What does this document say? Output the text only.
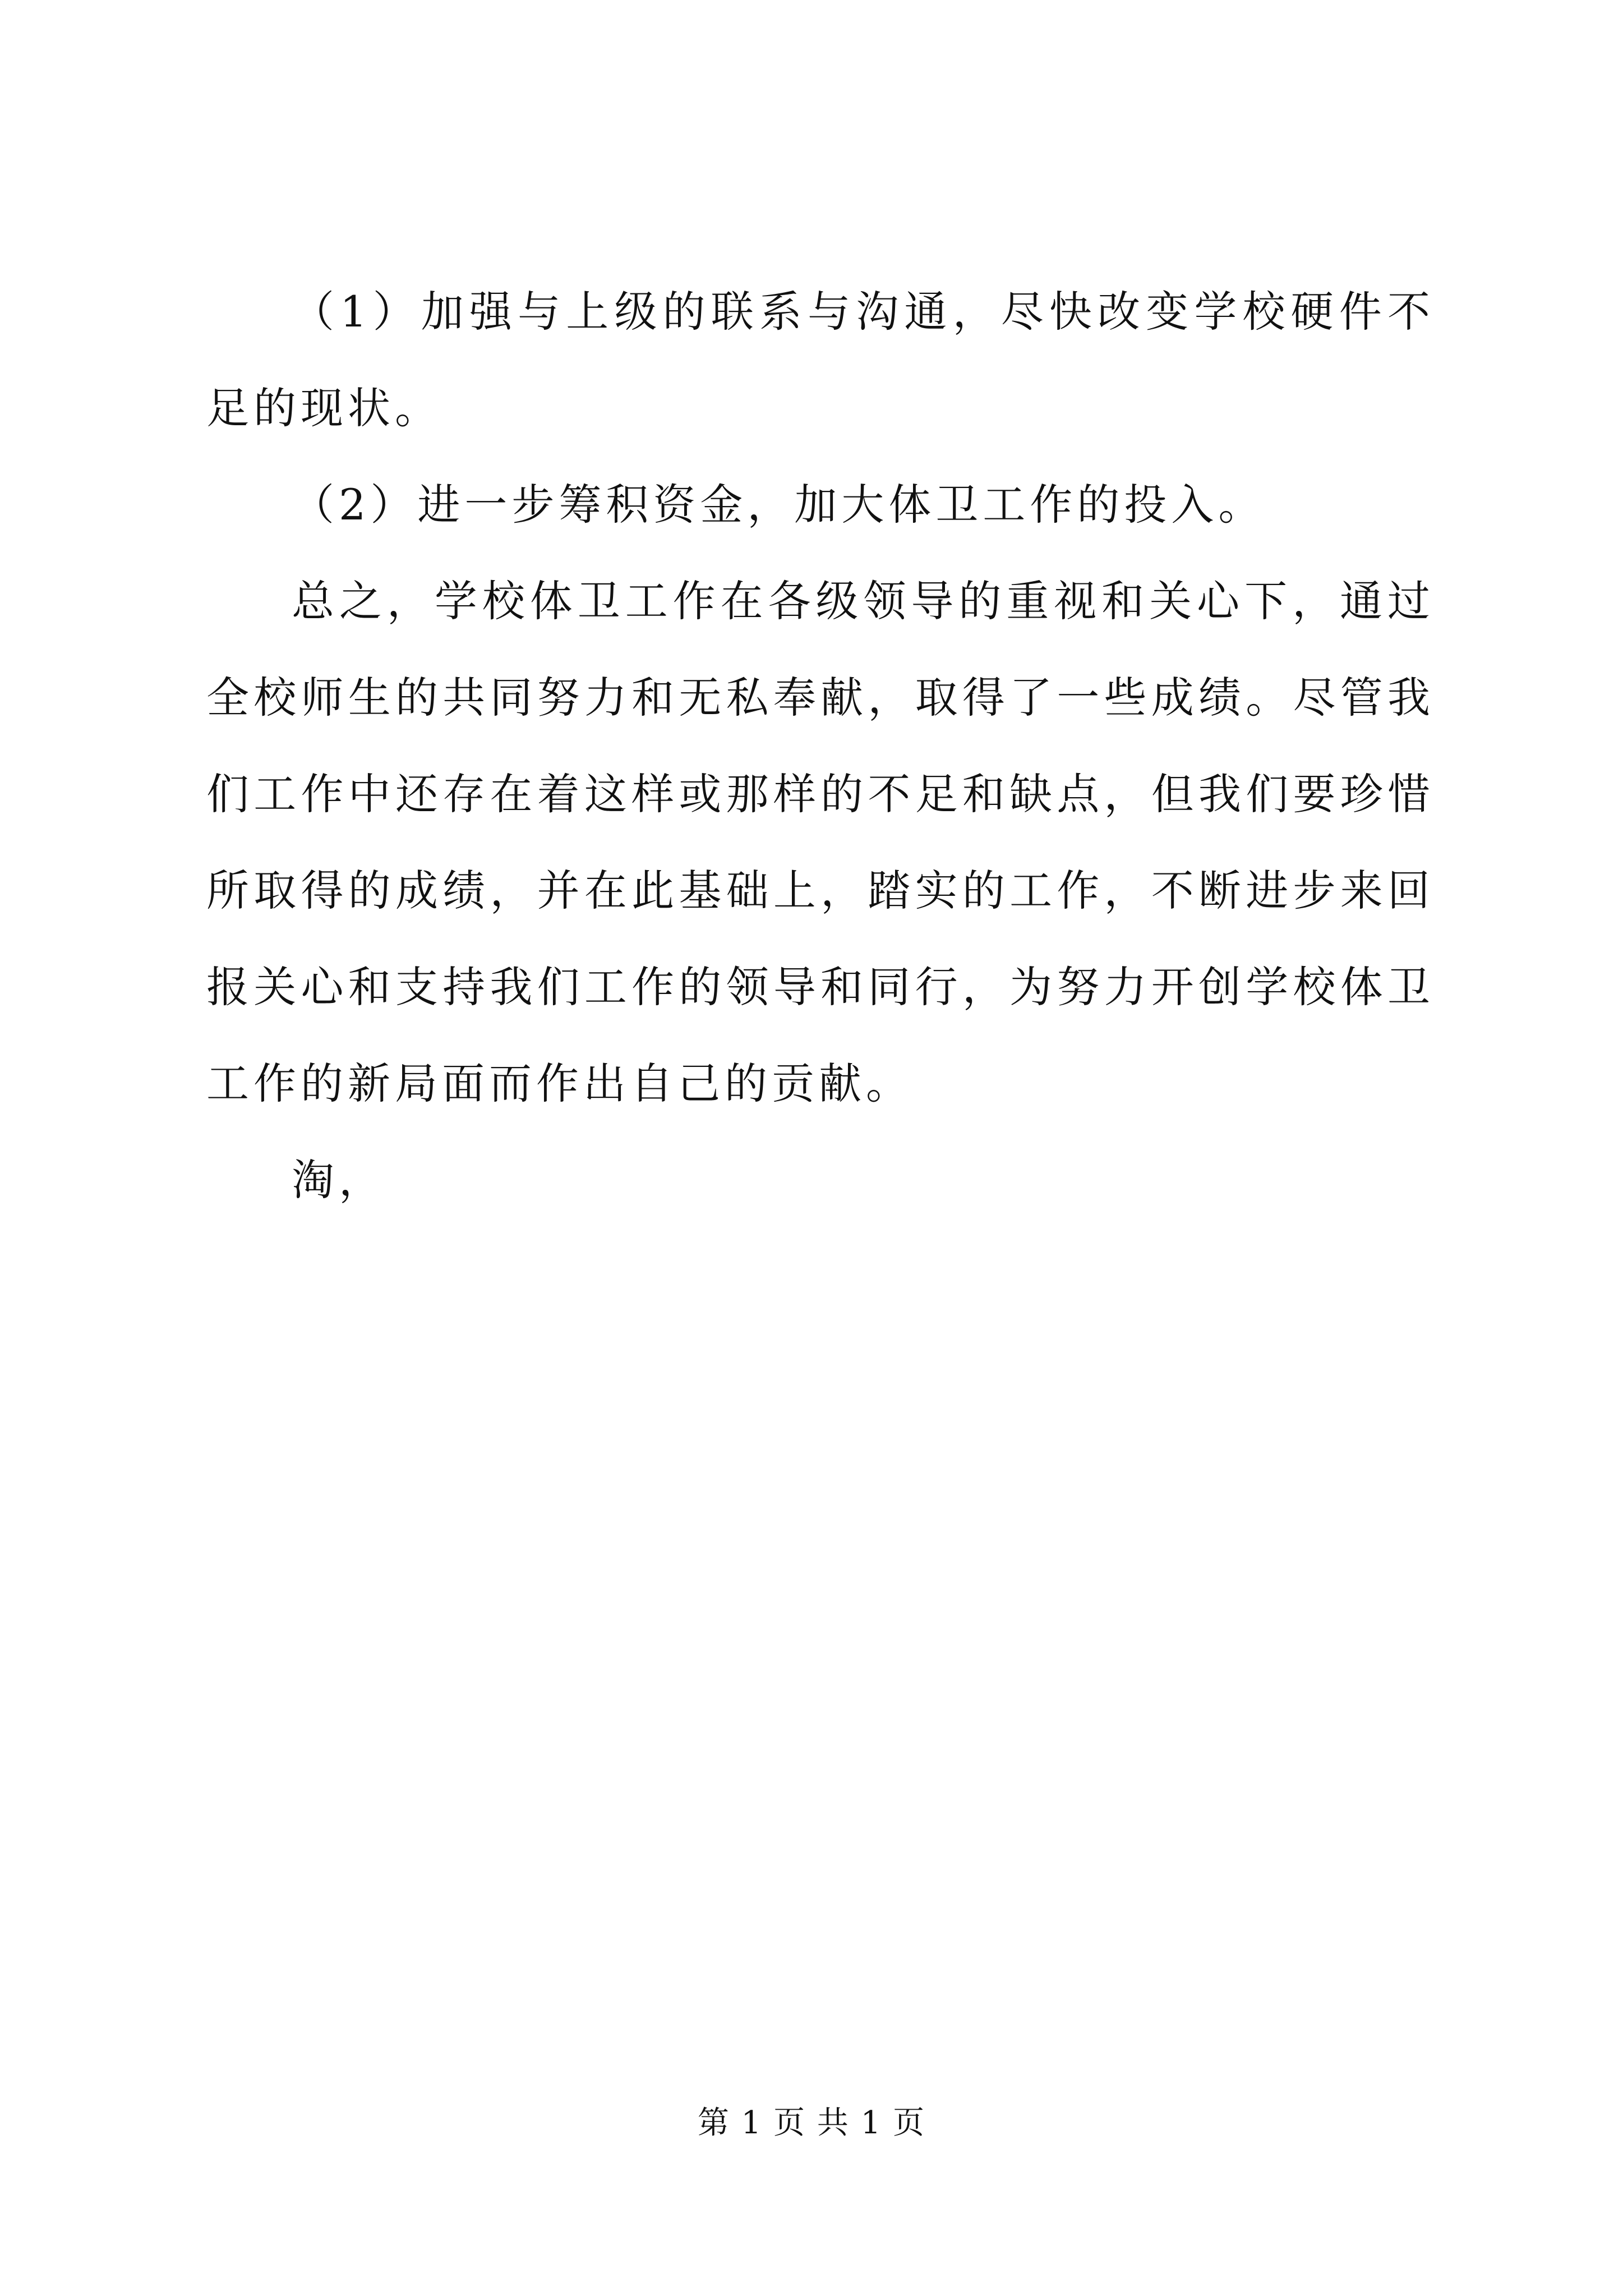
（1）加强与上级的联系与沟通，尽快改变学校硬件不足的现状。

（2）进一步筹积资金，加大体卫工作的投入。

总之，学校体卫工作在各级领导的重视和关心下，通过全校师生的共同努力和无私奉献，取得了一些成绩。尽管我们工作中还存在着这样或那样的不足和缺点，但我们要珍惜所取得的成绩，并在此基础上，踏实的工作，不断进步来回报关心和支持我们工作的领导和同行，为努力开创学校体卫工作的新局面而作出自己的贡献。

淘，

第 1 页 共 1 页
